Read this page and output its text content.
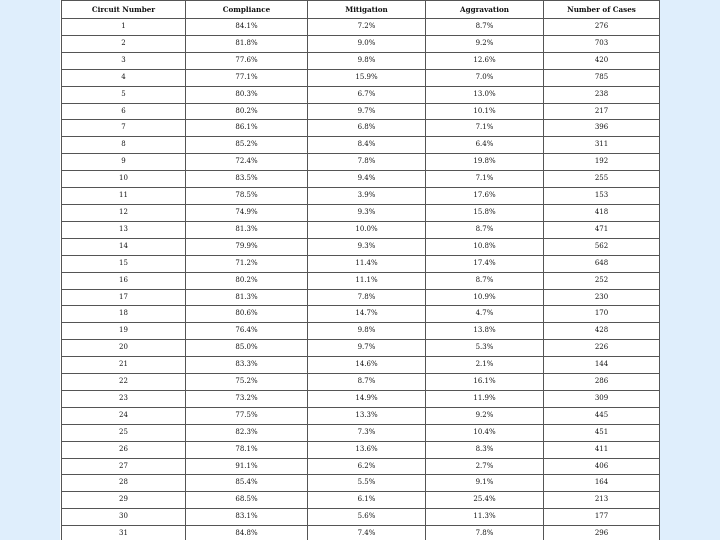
Circuit Number	Compliance	Mitigation	Aggravation	Number of Cases
1	84.1%	7.2%	8.7%	276
2	81.8%	9.0%	9.2%	703
3	77.6%	9.8%	12.6%	420
4	77.1%	15.9%	7.0%	785
5	80.3%	6.7%	13.0%	238
6	80.2%	9.7%	10.1%	217
7	86.1%	6.8%	7.1%	396
8	85.2%	8.4%	6.4%	311
9	72.4%	7.8%	19.8%	192
10	83.5%	9.4%	7.1%	255
11	78.5%	3.9%	17.6%	153
12	74.9%	9.3%	15.8%	418
13	81.3%	10.0%	8.7%	471
14	79.9%	9.3%	10.8%	562
15	71.2%	11.4%	17.4%	648
16	80.2%	11.1%	8.7%	252
17	81.3%	7.8%	10.9%	230
18	80.6%	14.7%	4.7%	170
19	76.4%	9.8%	13.8%	428
20	85.0%	9.7%	5.3%	226
21	83.3%	14.6%	2.1%	144
22	75.2%	8.7%	16.1%	286
23	73.2%	14.9%	11.9%	309
24	77.5%	13.3%	9.2%	445
25	82.3%	7.3%	10.4%	451
26	78.1%	13.6%	8.3%	411
27	91.1%	6.2%	2.7%	406
28	85.4%	5.5%	9.1%	164
29	68.5%	6.1%	25.4%	213
30	83.1%	5.6%	11.3%	177
31	84.8%	7.4%	7.8%	296
